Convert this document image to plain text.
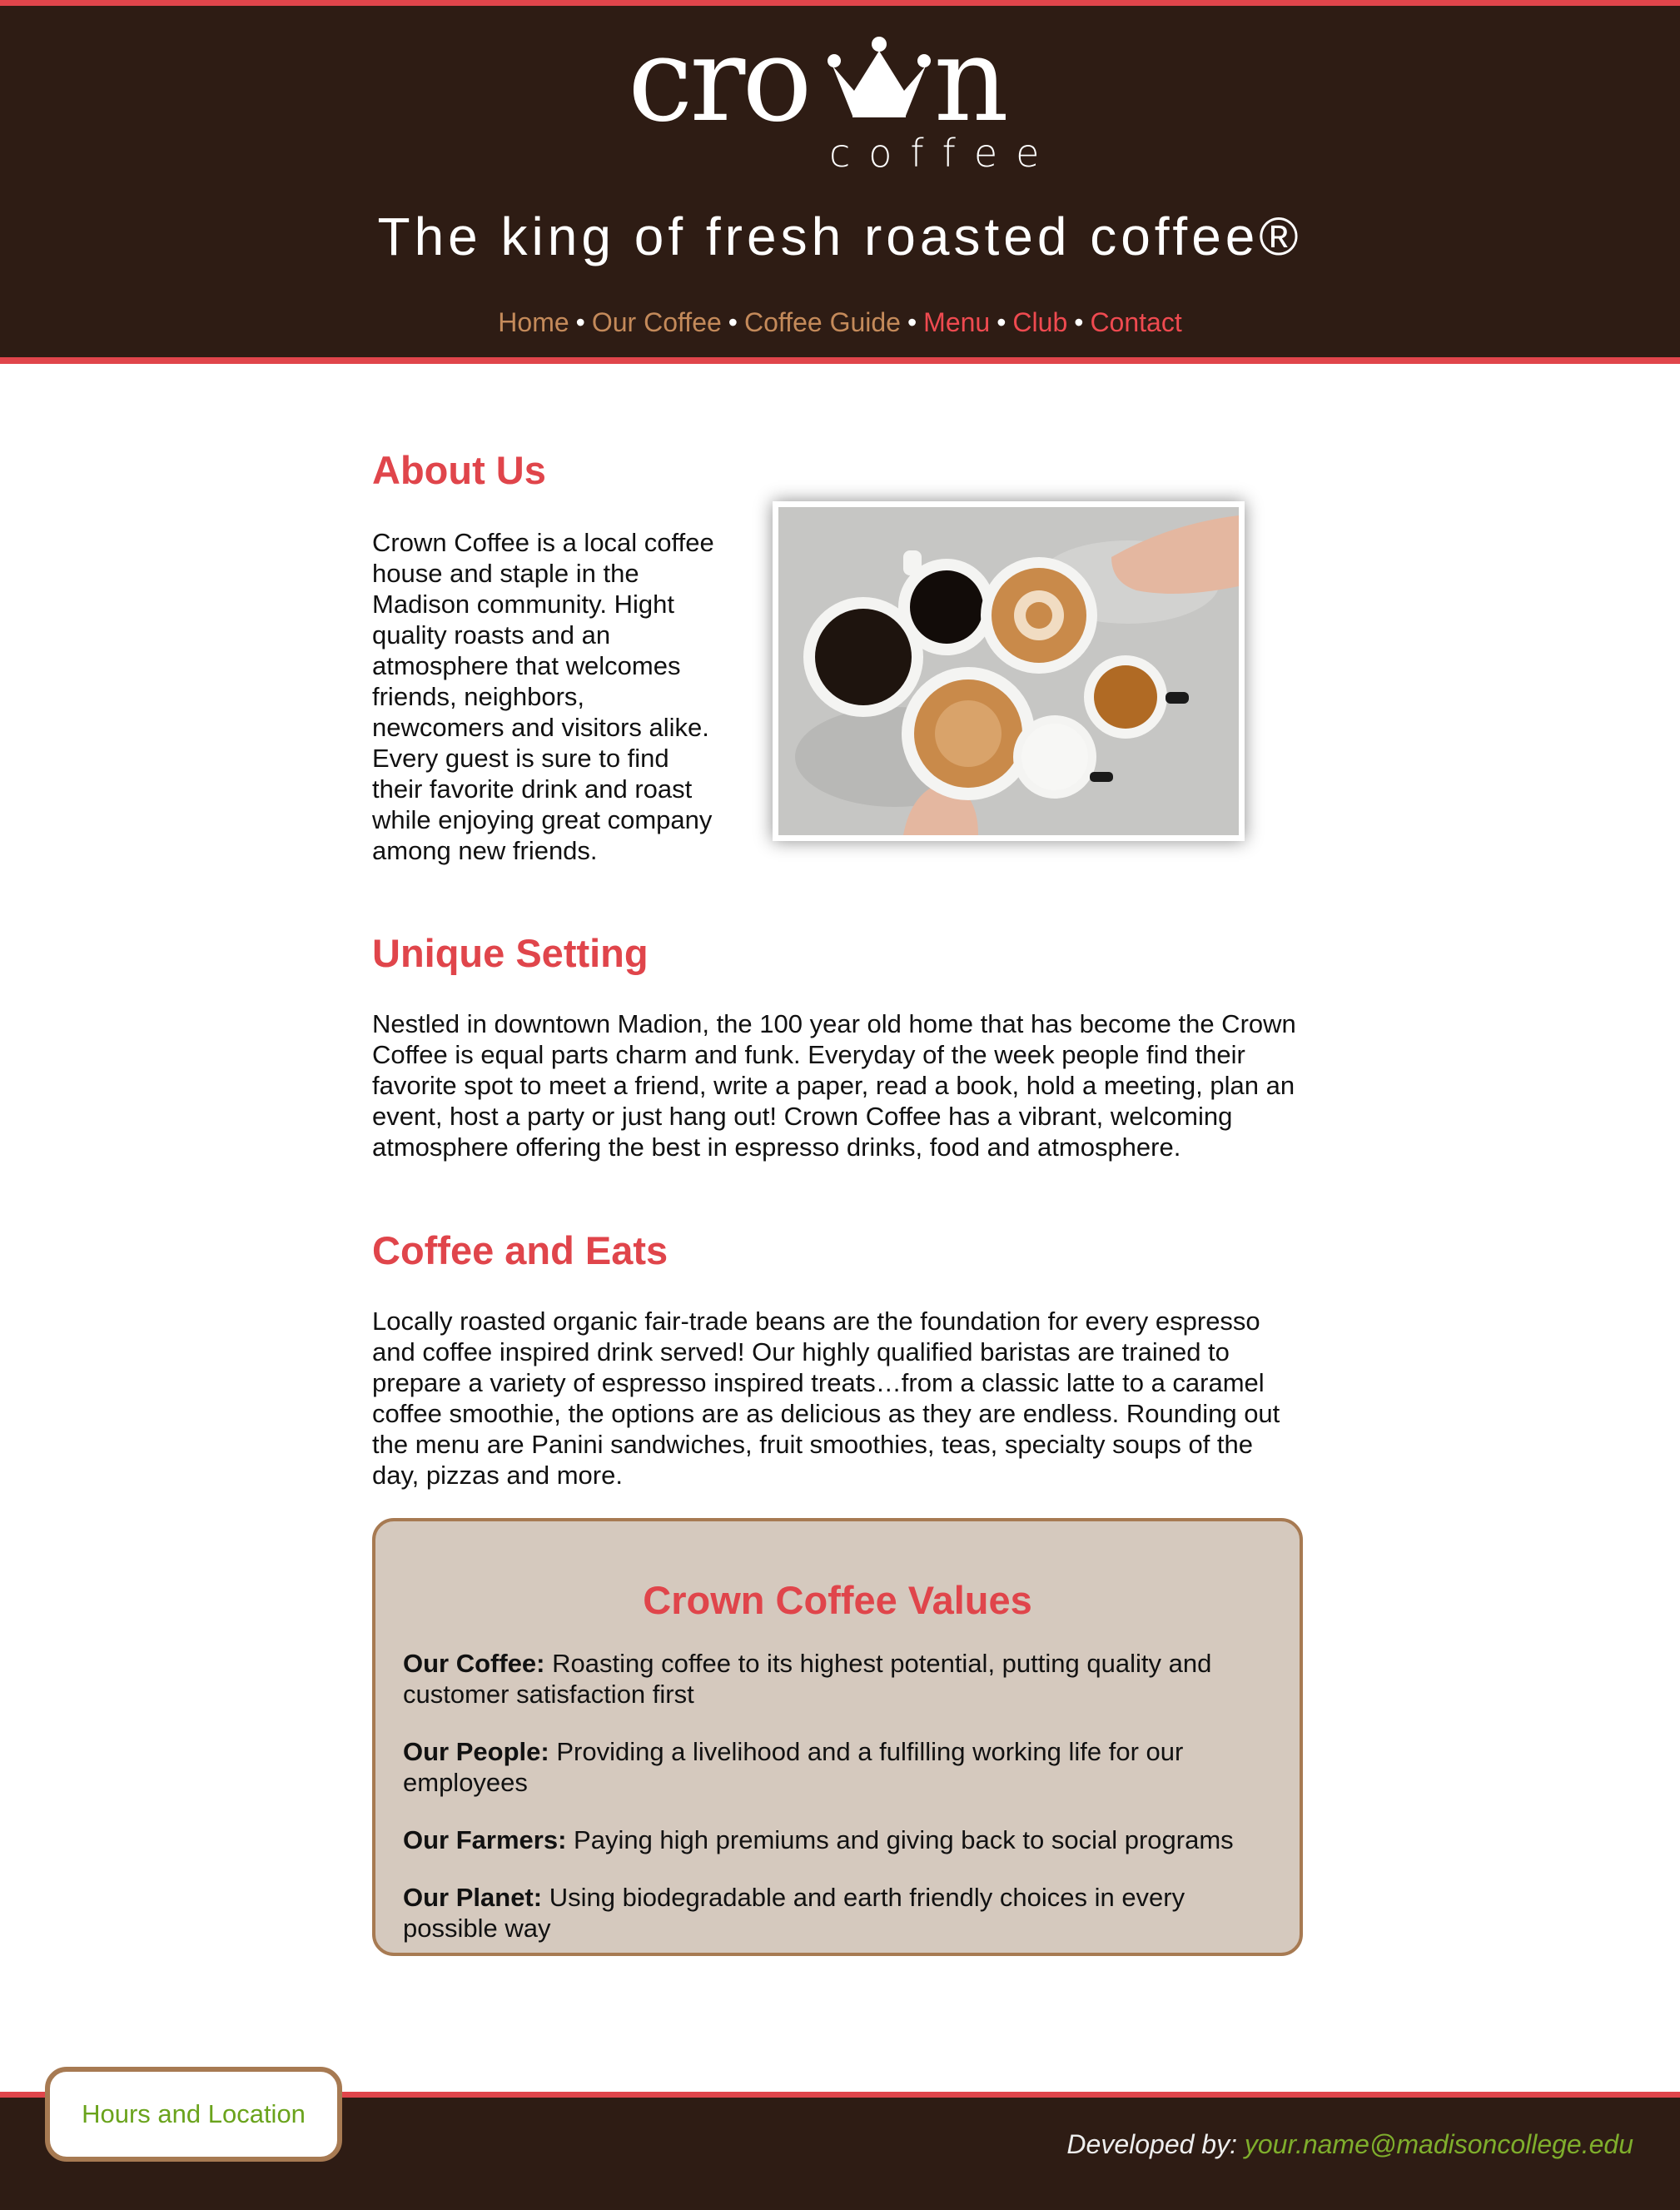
cro n
coffee
The king of fresh roasted coffee®
Home • Our Coffee • Coffee Guide • Menu • Club • Contact
About Us

Crown Coffee is a local coffee house and staple in the Madison community. Hight quality roasts and an atmosphere that welcomes friends, neighbors, newcomers and visitors alike. Every guest is sure to find their favorite drink and roast while enjoying great company among new friends.

Unique Setting

Nestled in downtown Madion, the 100 year old home that has become the Crown Coffee is equal parts charm and funk. Everyday of the week people find their favorite spot to meet a friend, write a paper, read a book, hold a meeting, plan an event, host a party or just hang out! Crown Coffee has a vibrant, welcoming atmosphere offering the best in espresso drinks, food and atmosphere.

Coffee and Eats

Locally roasted organic fair-trade beans are the foundation for every espresso and coffee inspired drink served! Our highly qualified baristas are trained to prepare a variety of espresso inspired treats…from a classic latte to a caramel coffee smoothie, the options are as delicious as they are endless. Rounding out the menu are Panini sandwiches, fruit smoothies, teas, specialty soups of the day, pizzas and more.

Crown Coffee Values

Our Coffee: Roasting coffee to its highest potential, putting quality and customer satisfaction first

Our People: Providing a livelihood and a fulfilling working life for our employees

Our Farmers: Paying high premiums and giving back to social programs

Our Planet: Using biodegradable and earth friendly choices in every possible way

Developed by: your.name@madisoncollege.edu
Hours and Location
